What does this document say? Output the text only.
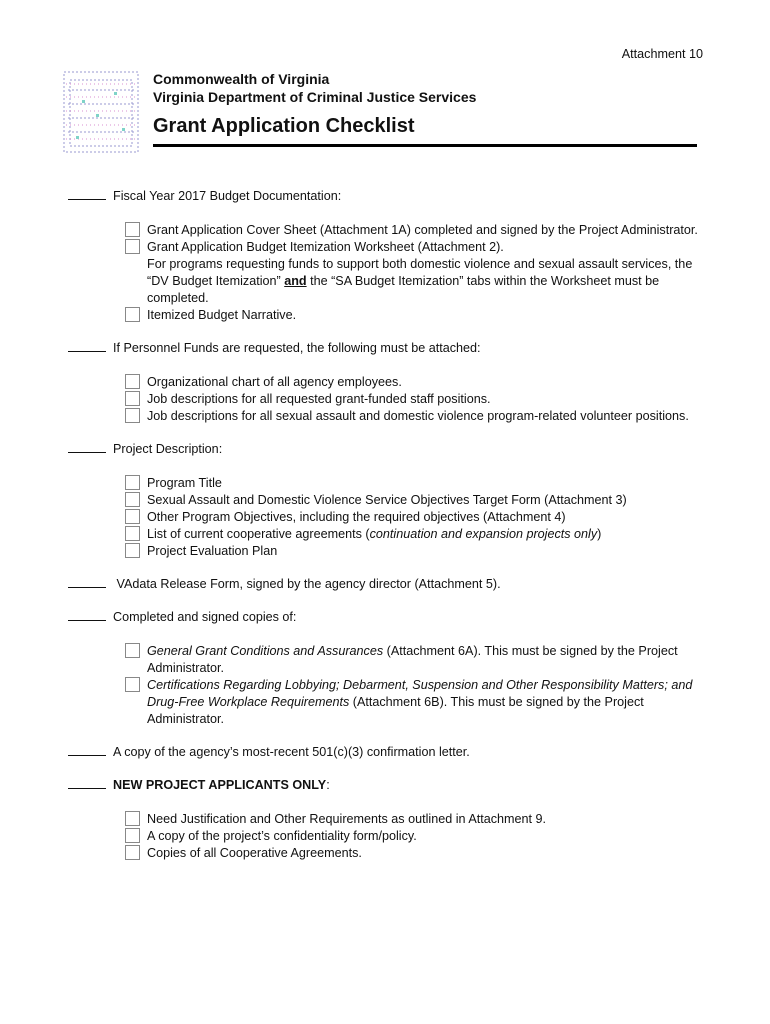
Attachment 10
Commonwealth of Virginia
Virginia Department of Criminal Justice Services
Grant Application Checklist
Fiscal Year 2017 Budget Documentation:
Grant Application Cover Sheet (Attachment 1A) completed and signed by the Project Administrator.
Grant Application Budget Itemization Worksheet (Attachment 2).
For programs requesting funds to support both domestic violence and sexual assault services, the “DV Budget Itemization” and the “SA Budget Itemization” tabs within the Worksheet must be completed.
Itemized Budget Narrative.
If Personnel Funds are requested, the following must be attached:
Organizational chart of all agency employees.
Job descriptions for all requested grant-funded staff positions.
Job descriptions for all sexual assault and domestic violence program-related volunteer positions.
Project Description:
Program Title
Sexual Assault and Domestic Violence Service Objectives Target Form (Attachment 3)
Other Program Objectives, including the required objectives (Attachment 4)
List of current cooperative agreements (continuation and expansion projects only)
Project Evaluation Plan
VAdata Release Form, signed by the agency director (Attachment 5).
Completed and signed copies of:
General Grant Conditions and Assurances (Attachment 6A). This must be signed by the Project Administrator.
Certifications Regarding Lobbying; Debarment, Suspension and Other Responsibility Matters; and Drug-Free Workplace Requirements (Attachment 6B). This must be signed by the Project Administrator.
A copy of the agency’s most-recent 501(c)(3) confirmation letter.
NEW PROJECT APPLICANTS ONLY:
Need Justification and Other Requirements as outlined in Attachment 9.
A copy of the project’s confidentiality form/policy.
Copies of all Cooperative Agreements.
